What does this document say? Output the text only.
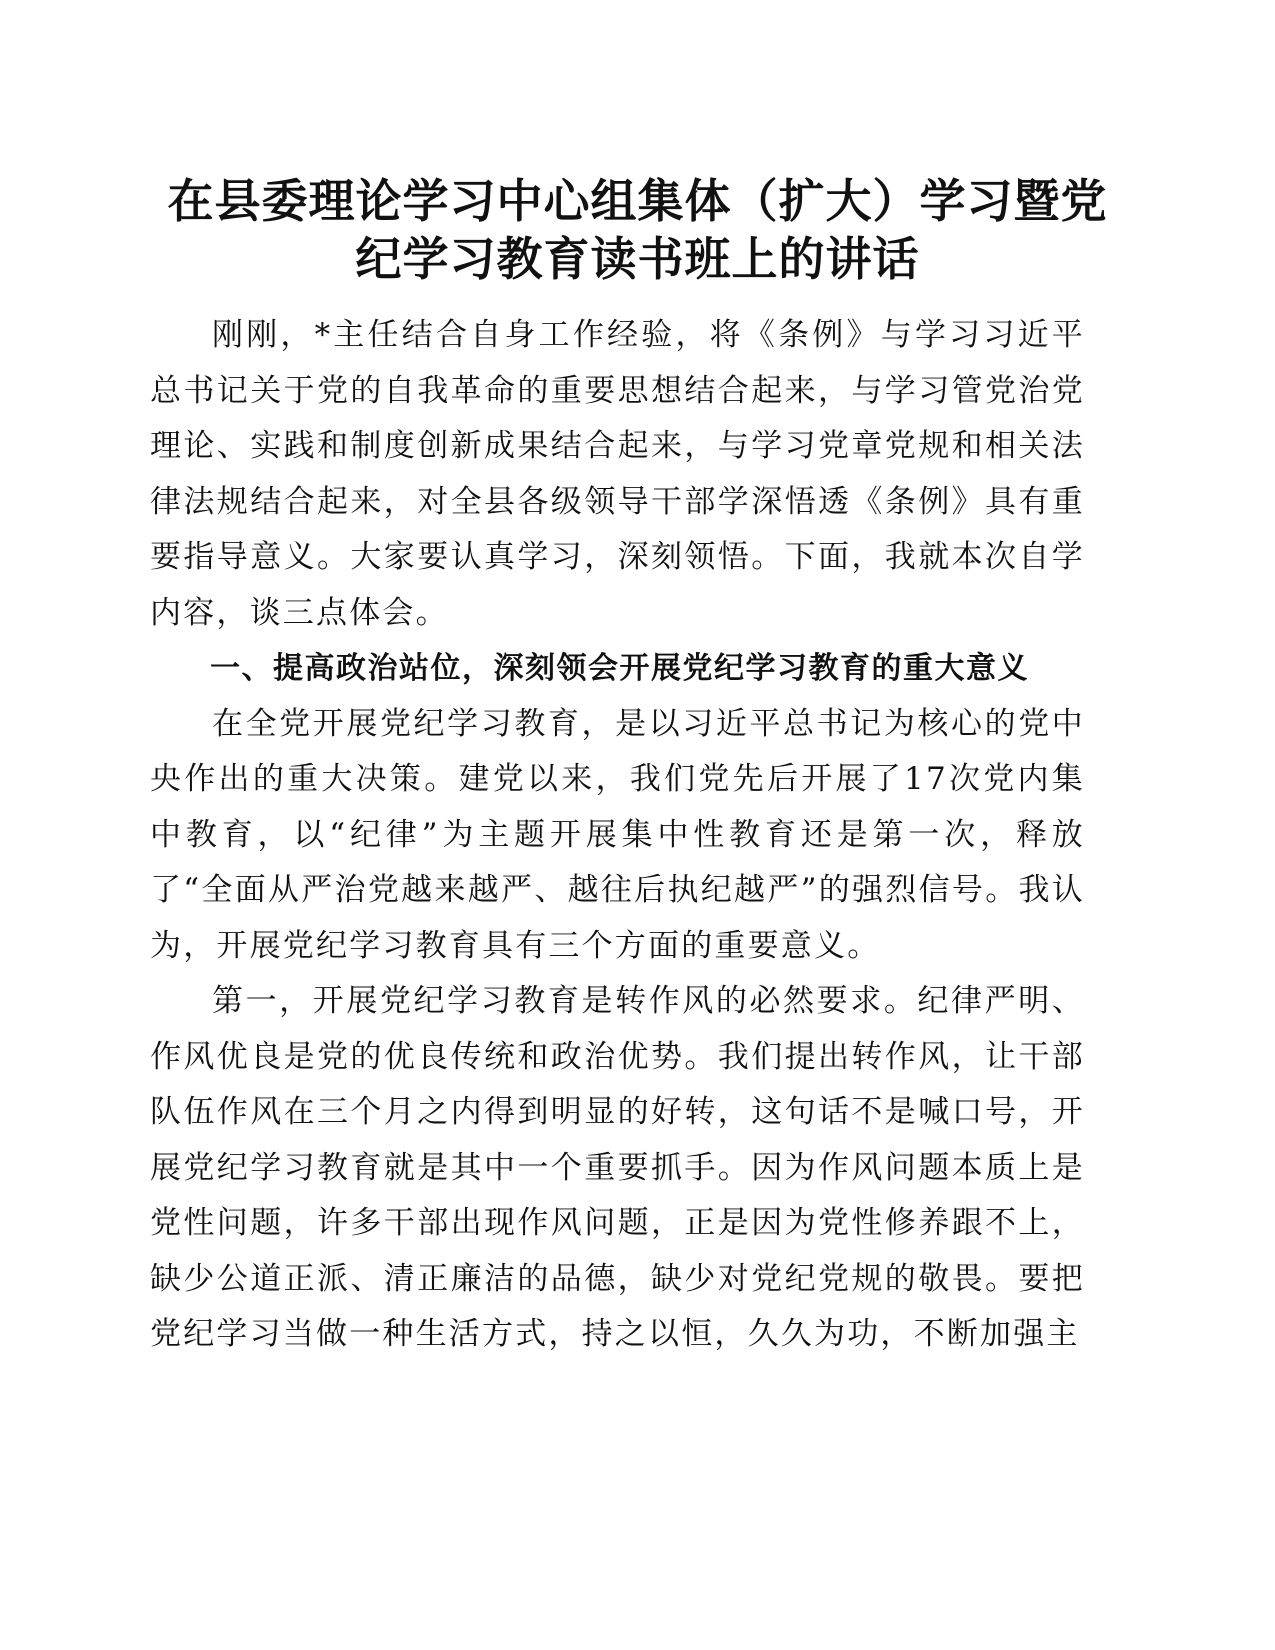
在县委理论学习中心组集体（扩大）学习暨党
纪学习教育读书班上的讲话

刚刚，*主任结合自身工作经验，将《条例》与学习习近平总书记关于党的自我革命的重要思想结合起来，与学习管党治党理论、实践和制度创新成果结合起来，与学习党章党规和相关法律法规结合起来，对全县各级领导干部学深悟透《条例》具有重要指导意义。大家要认真学习，深刻领悟。下面，我就本次自学内容，谈三点体会。

一、提高政治站位，深刻领会开展党纪学习教育的重大意义

在全党开展党纪学习教育，是以习近平总书记为核心的党中央作出的重大决策。建党以来，我们党先后开展了17次党内集中教育，以“纪律”为主题开展集中性教育还是第一次，释放了“全面从严治党越来越严、越往后执纪越严”的强烈信号。我认为，开展党纪学习教育具有三个方面的重要意义。

第一，开展党纪学习教育是转作风的必然要求。纪律严明、作风优良是党的优良传统和政治优势。我们提出转作风，让干部队伍作风在三个月之内得到明显的好转，这句话不是喊口号，开展党纪学习教育就是其中一个重要抓手。因为作风问题本质上是党性问题，许多干部出现作风问题，正是因为党性修养跟不上，缺少公道正派、清正廉洁的品德，缺少对党纪党规的敬畏。要把党纪学习当做一种生活方式，持之以恒，久久为功，不断加强主
